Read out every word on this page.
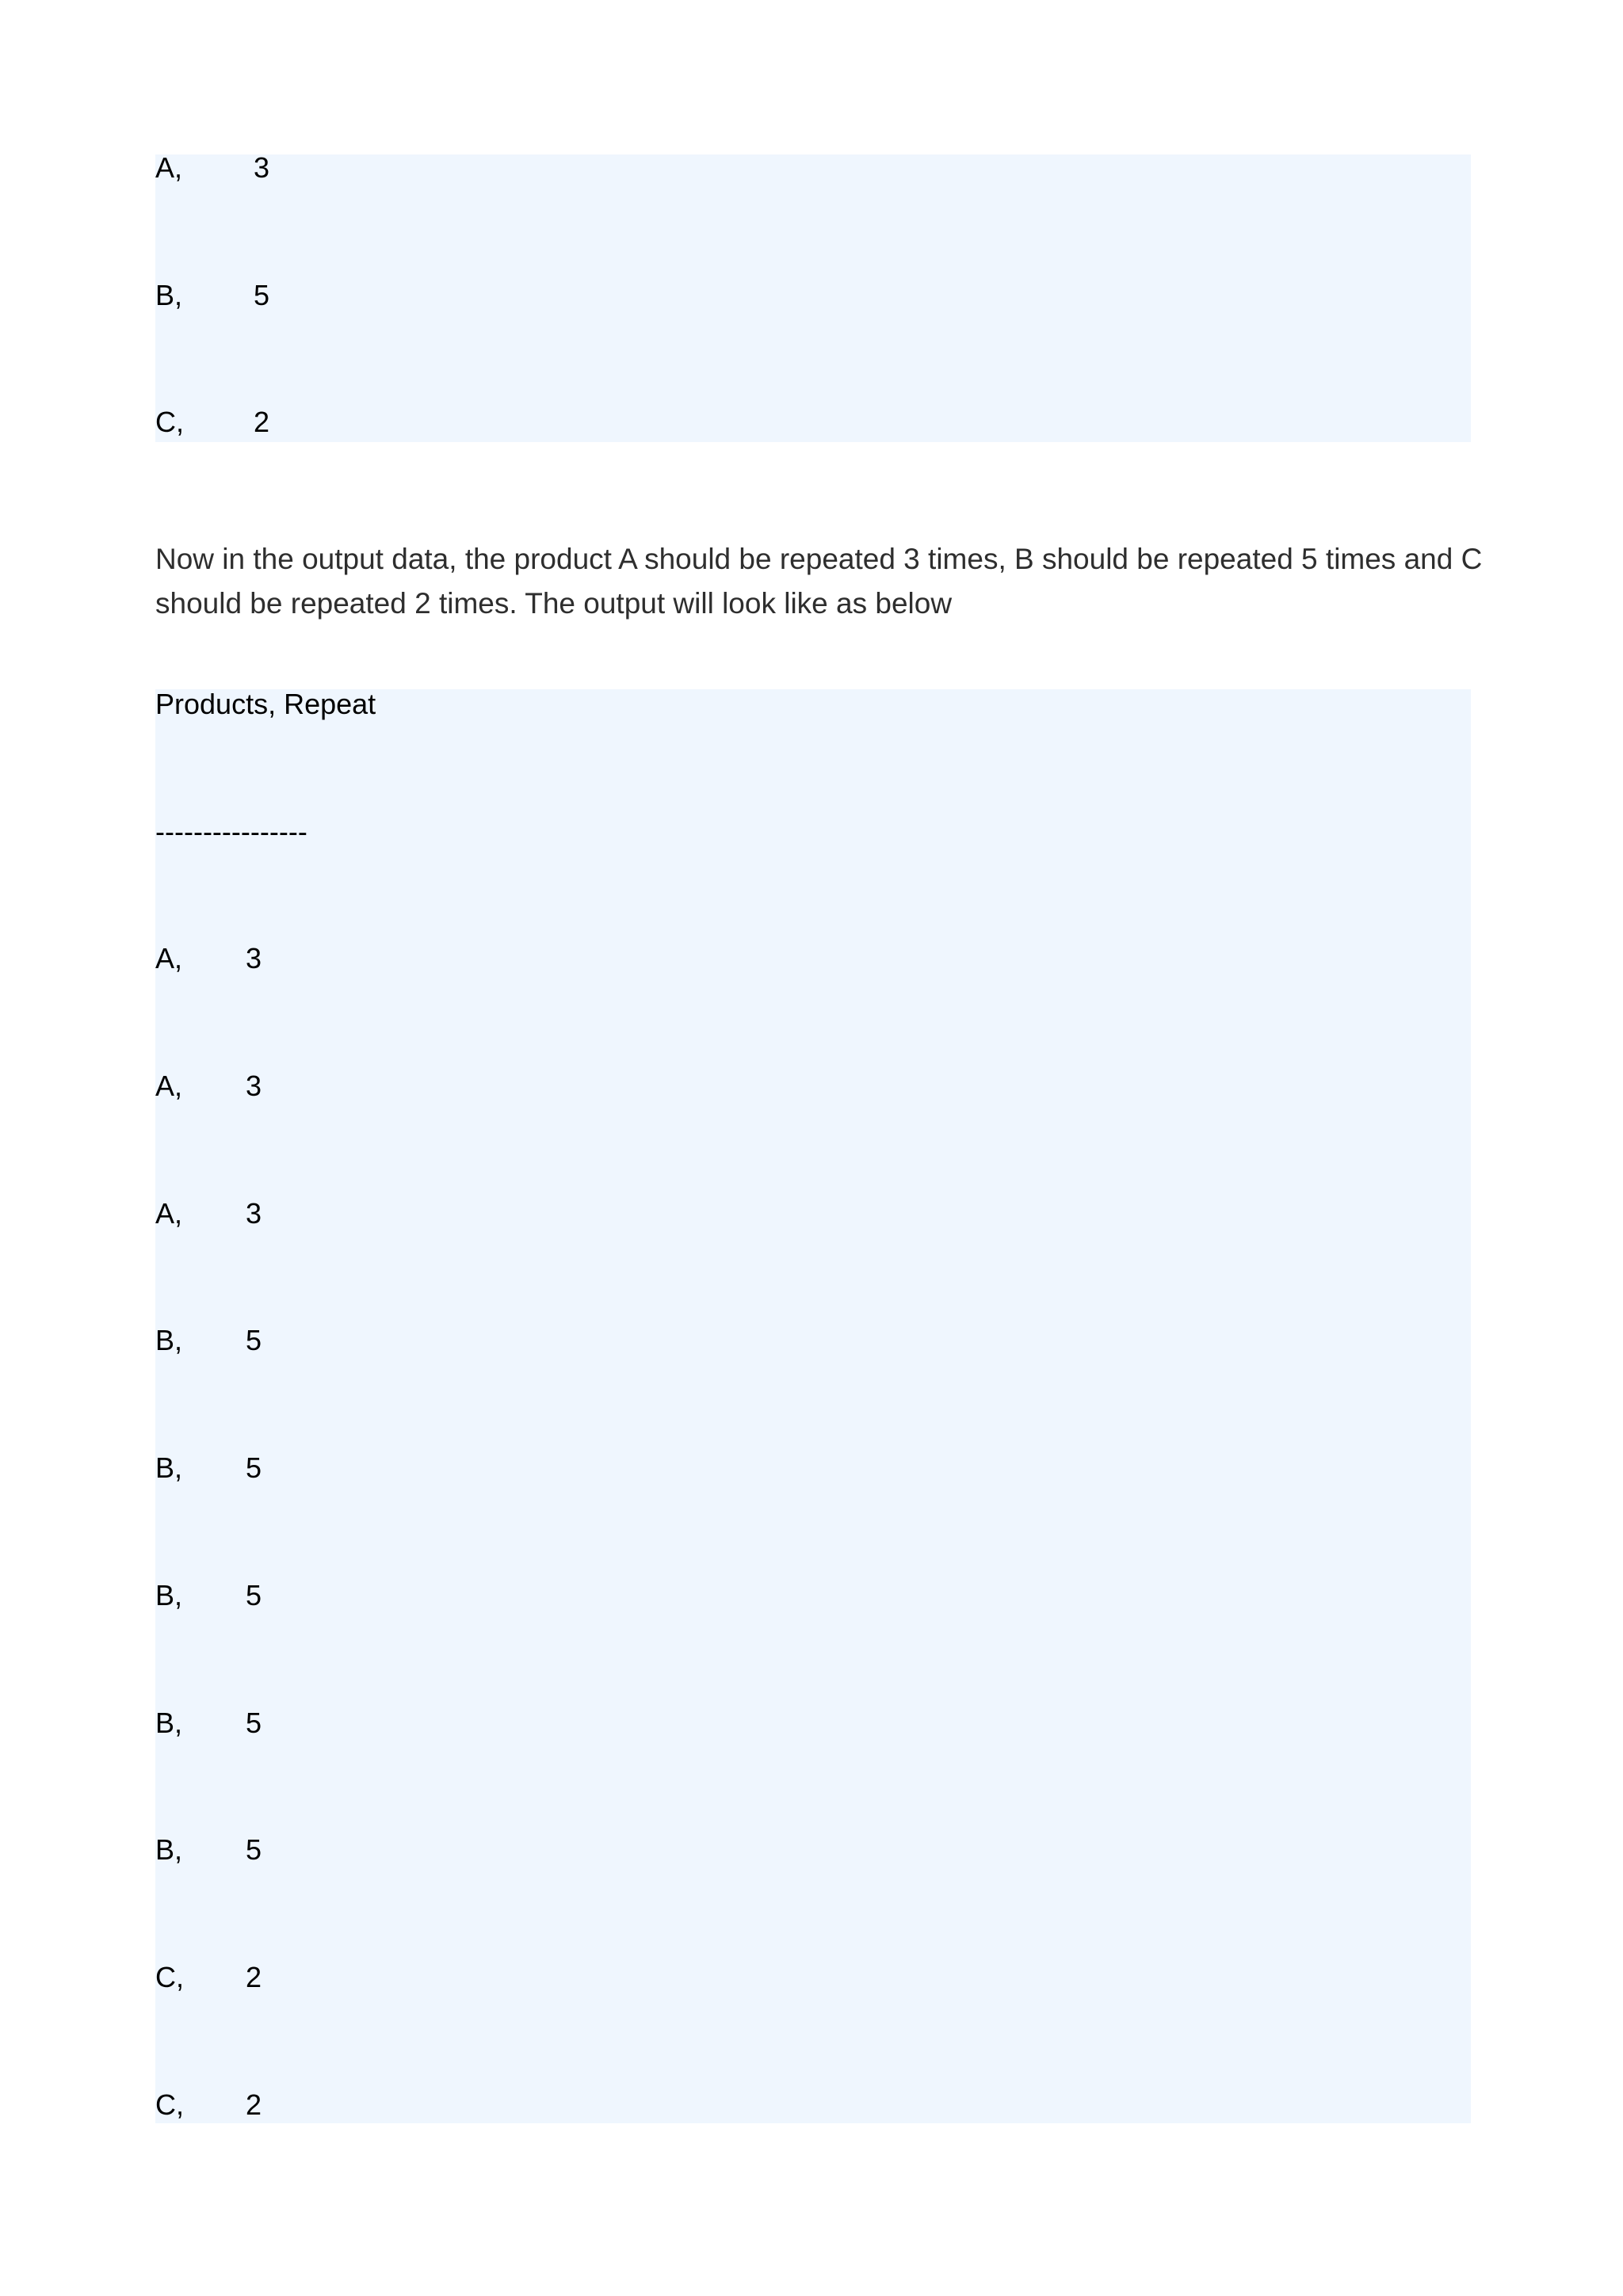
A,

3

B,

5

C,

2

Now in the output data, the product A should be repeated 3 times, B should be repeated 5 times and C should be repeated 2 times. The output will look like as below

Products, Repeat

----------------

A,

3

A,

3

A,

3

B,

5

B,

5

B,

5

B,

5

B,

5

C,

2

C,

2
